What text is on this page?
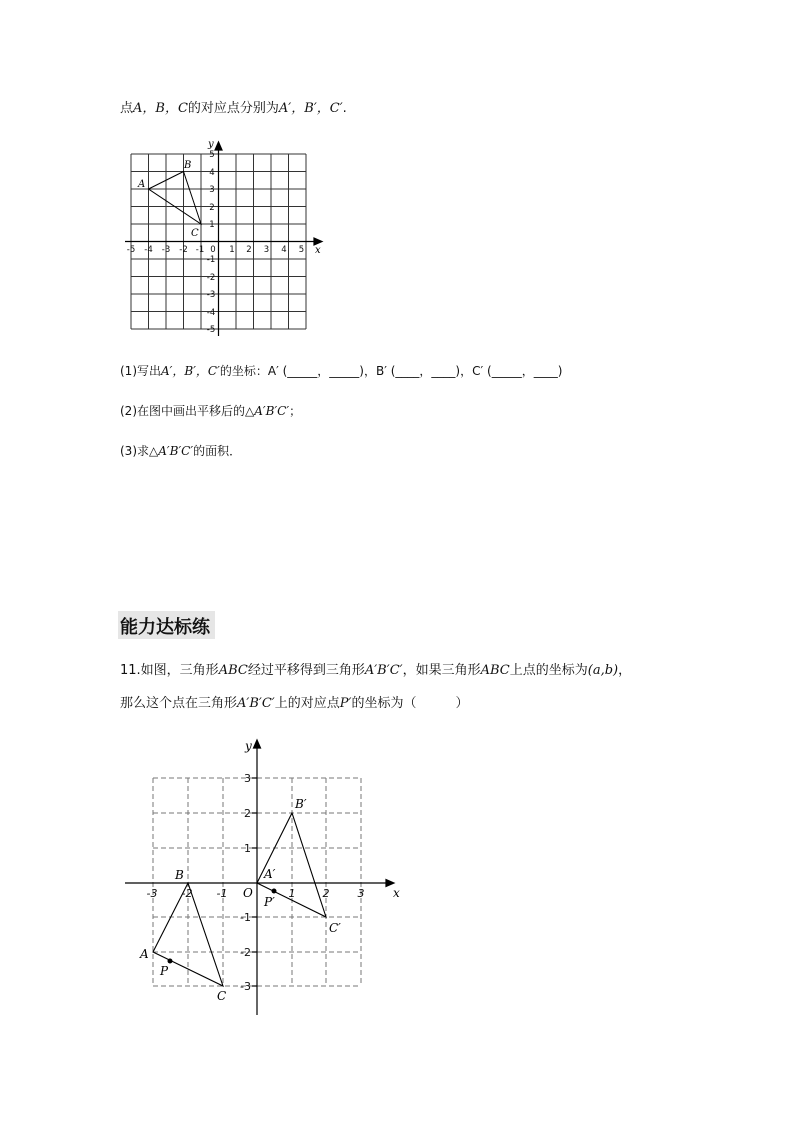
点A，B，C的对应点分别为A′，B′，C′.
x
y
-5 -4 -3 -2 -1 0 1 2 3 4 5
5
4
3
2
1
-1
-2
-3
-4
-5
A
B
C
(1)写出A′，B′，C′的坐标：A′ (_____，_____)，B′ (____，____)，C′ (_____，____)
(2)在图中画出平移后的△A′B′C′；
(3)求△A′B′C′的面积．
能力达标练
11.如图，三角形ABC经过平移得到三角形A′B′C′，如果三角形ABC上点的坐标为(a,b)，
那么这个点在三角形A′B′C′上的对应点P′的坐标为（　　　）
x
y
-3 -2 -1	1 2	3
3
2
1
-1
-2
-3
O
A
B
C
P
A′
B′
C′
P′
